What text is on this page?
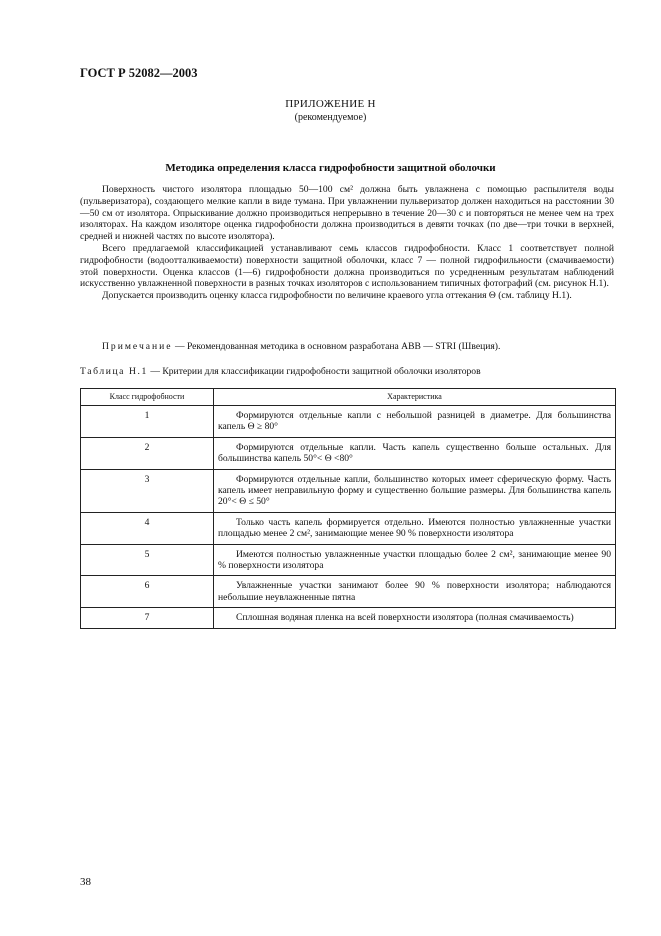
ГОСТ Р 52082—2003
ПРИЛОЖЕНИЕ Н
(рекомендуемое)
Методика определения класса гидрофобности защитной оболочки

Поверхность чистого изолятора площадью 50—100 см² должна быть увлажнена с помощью распылителя воды (пульверизатора), создающего мелкие капли в виде тумана. При увлажнении пульверизатор должен находиться на расстоянии 30—50 см от изолятора. Опрыскивание должно производиться непрерывно в течение 20—30 с и повторяться не менее чем на трех изоляторах. На каждом изоляторе оценка гидрофобности должна производиться в девяти точках (по две—три точки в верхней, средней и нижней частях по высоте изолятора).

Всего предлагаемой классификацией устанавливают семь классов гидрофобности. Класс 1 соответствует полной гидрофобности (водоотталкиваемости) поверхности защитной оболочки, класс 7 — полной гидрофильности (смачиваемости) этой поверхности. Оценка классов (1—6) гидрофобности должна производиться по усредненным результатам наблюдений искусственно увлажненной поверхности в разных точках изоляторов с использованием типичных фотографий (см. рисунок Н.1).

Допускается производить оценку класса гидрофобности по величине краевого угла оттекания Θ (см. таблицу Н.1).

Примечание — Рекомендованная методика в основном разработана ABB — STRI (Швеция).
Таблица Н.1 — Критерии для классификации гидрофобности защитной оболочки изоляторов
Класс гидрофобности	Характеристика
1	Формируются отдельные капли с небольшой разницей в диаметре. Для большинства капель Θ ≥ 80°

2	Формируются отдельные капли. Часть капель существенно больше остальных. Для большинства капель 50°< Θ <80°

3	Формируются отдельные капли, большинство которых имеет сферическую форму. Часть капель имеет неправильную форму и существенно большие размеры. Для большинства капель 20°< Θ ≤ 50°

4	Только часть капель формируется отдельно. Имеются полностью увлажненные участки площадью менее 2 см², занимающие менее 90 % поверхности изолятора

5	Имеются полностью увлажненные участки площадью более 2 см², занимающие менее 90 % поверхности изолятора

6	Увлажненные участки занимают более 90 % поверхности изолятора; наблюдаются небольшие неувлажненные пятна

7	Сплошная водяная пленка на всей поверхности изолятора (полная смачиваемость)
38
